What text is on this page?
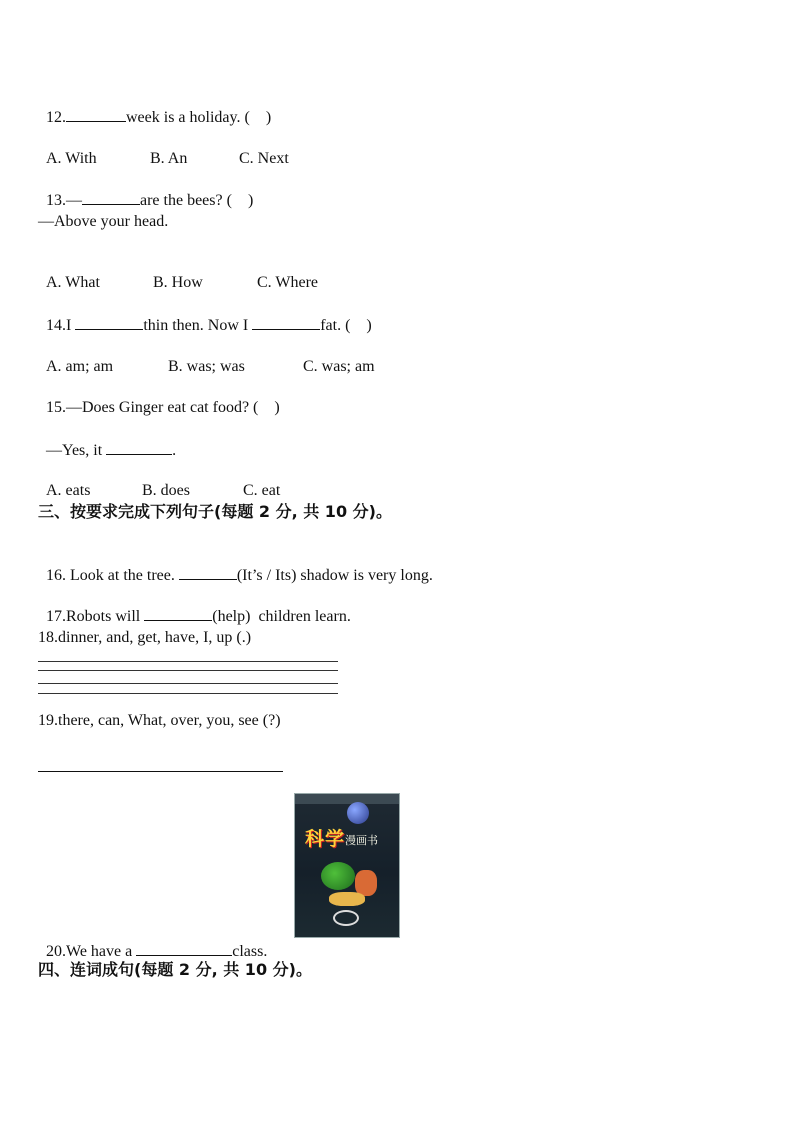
12.	week is a holiday. (    )

A. With	B. An	C. Next

13.—	are the bees? (    )

—Above your head.

A. What	B. How	C. Where

14.I	thin then. Now I	fat. (    )

A. am; am	B. was; was	C. was; am

15.—Does Ginger eat cat food? (    )

—Yes, it	.

A. eats	B. does	C. eat

三、按要求完成下列句子(每题 2 分, 共 10 分)。

16. Look at the tree.	(It’s / Its) shadow is very long.

17.Robots will	(help)  children learn.

18.dinner, and, get, have, I, up (.)
19.there, can, What, over, you, see (?)
科学 漫画书

20.We have a	class.

四、连词成句(每题 2 分, 共 10 分)。
